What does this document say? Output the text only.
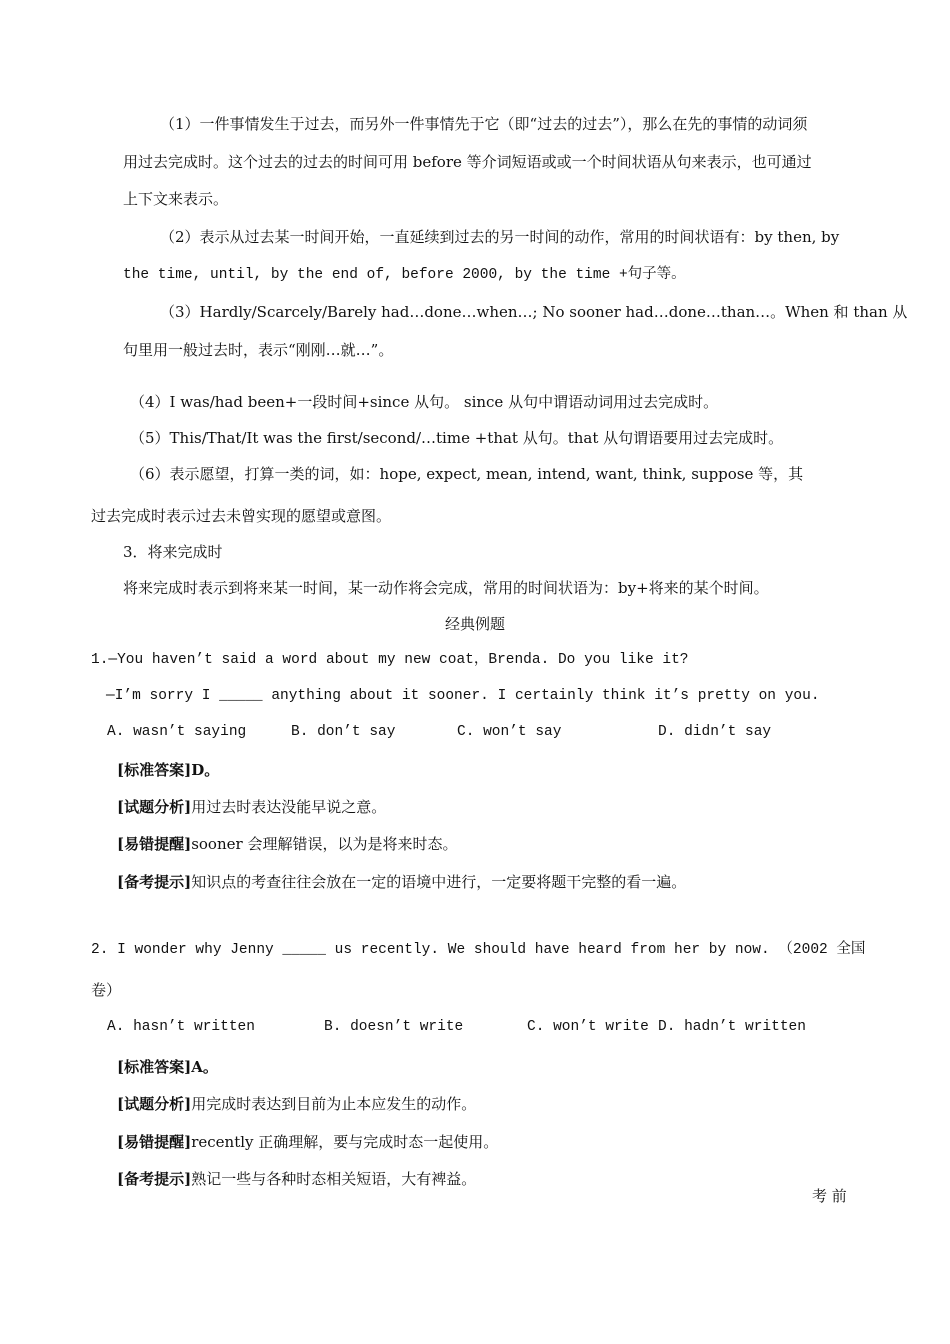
（1）一件事情发生于过去，而另外一件事情先于它（即“过去的过去”），那么在先的事情的动词须
用过去完成时。这个过去的过去的时间可用 before 等介词短语或或一个时间状语从句来表示，也可通过
上下文来表示。
（2）表示从过去某一时间开始，一直延续到过去的另一时间的动作，常用的时间状语有：by then, by
the time, until, by the end of, before 2000, by the time +句子等。
（3）Hardly/Scarcely/Barely had…done…when…; No sooner had…done…than…。When 和 than 从
句里用一般过去时，表示“刚刚…就…”。
（4）I was/had been+一段时间+since 从句。 since 从句中谓语动词用过去完成时。
（5）This/That/It was the first/second/…time +that 从句。that 从句谓语要用过去完成时。
（6）表示愿望，打算一类的词，如：hope, expect, mean, intend, want, think, suppose 等，其
过去完成时表示过去未曾实现的愿望或意图。
3．将来完成时
将来完成时表示到将来某一时间，某一动作将会完成，常用的时间状语为：by+将来的某个时间。
经典例题
1.—You haven’t said a word about my new coat，Brenda. Do you like it?
—I’m sorry I _____ anything about it sooner. I certainly think it’s pretty on you.
A. wasn’t saying	B. don’t say	C. won’t say	D. didn’t say
[标准答案]D。
[试题分析]用过去时表达没能早说之意。
[易错提醒]sooner 会理解错误，以为是将来时态。
[备考提示]知识点的考查往往会放在一定的语境中进行，一定要将题干完整的看一遍。
2. I wonder why Jenny _____ us recently. We should have heard from her by now. （2002 全国
卷）
A. hasn’t written	B. doesn’t write	C. won’t write D. hadn’t written
[标准答案]A。
[试题分析]用完成时表达到目前为止本应发生的动作。
[易错提醒]recently 正确理解，要与完成时态一起使用。
[备考提示]熟记一些与各种时态相关短语，大有裨益。
考 前
